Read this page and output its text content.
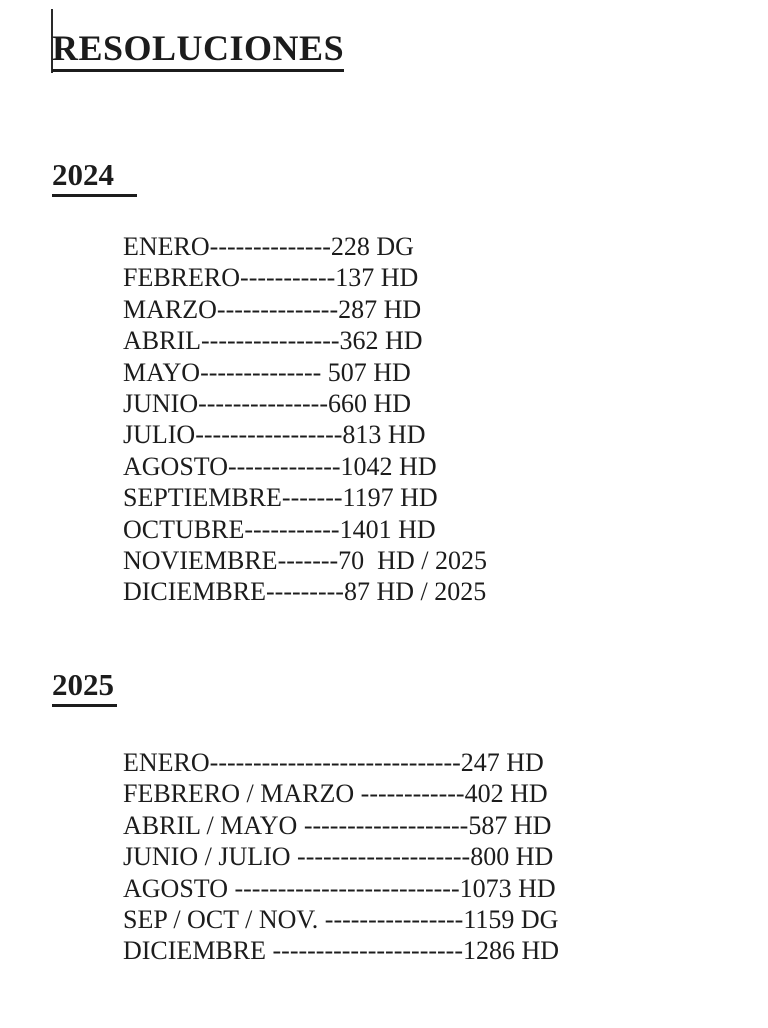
RESOLUCIONES
2024
ENERO--------------228 DG
FEBRERO-----------137 HD
MARZO--------------287 HD
ABRIL----------------362 HD
MAYO-------------- 507 HD
JUNIO---------------660 HD
JULIO-----------------813 HD
AGOSTO-------------1042 HD
SEPTIEMBRE-------1197 HD
OCTUBRE-----------1401 HD
NOVIEMBRE-------70  HD / 2025
DICIEMBRE---------87 HD / 2025
2025
ENERO-----------------------------247 HD
FEBRERO / MARZO ------------402 HD
ABRIL / MAYO -------------------587 HD
JUNIO / JULIO --------------------800 HD
AGOSTO --------------------------1073 HD
SEP / OCT / NOV. ----------------1159 DG
DICIEMBRE ----------------------1286 HD
